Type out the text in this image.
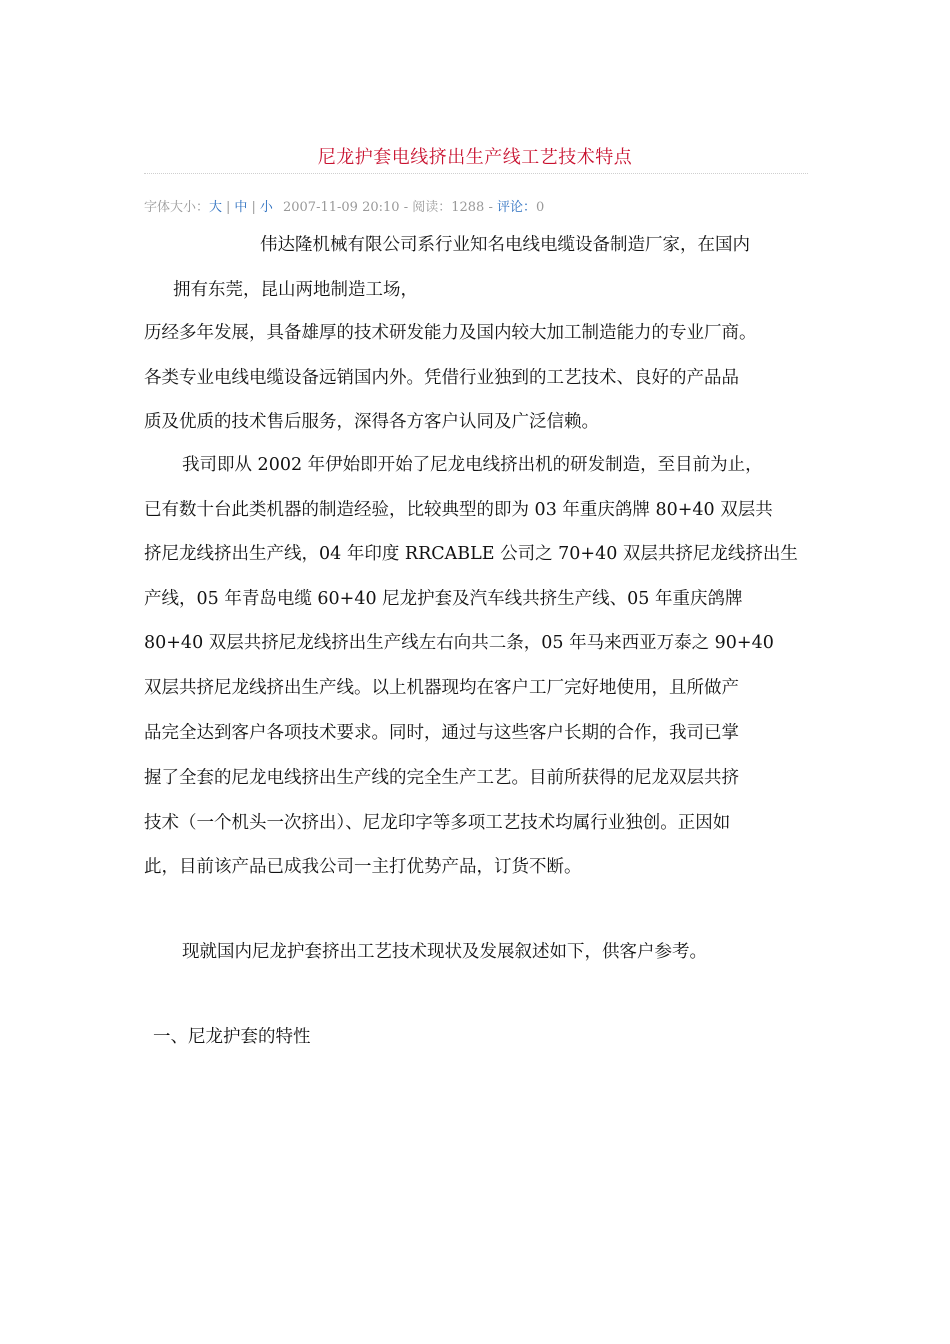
尼龙护套电线挤出生产线工艺技术特点
字体大小：大 | 中 | 小 2007-11-09 20:10 - 阅读：1288 - 评论：0
伟达隆机械有限公司系行业知名电线电缆设备制造厂家，在国内
拥有东莞，昆山两地制造工场，
历经多年发展，具备雄厚的技术研发能力及国内较大加工制造能力的专业厂商。
各类专业电线电缆设备远销国内外。凭借行业独到的工艺技术、良好的产品品
质及优质的技术售后服务，深得各方客户认同及广泛信赖。
我司即从 2002 年伊始即开始了尼龙电线挤出机的研发制造，至目前为止，
已有数十台此类机器的制造经验，比较典型的即为 03 年重庆鸽牌 80+40 双层共
挤尼龙线挤出生产线，04 年印度 RRCABLE 公司之 70+40 双层共挤尼龙线挤出生
产线，05 年青岛电缆 60+40 尼龙护套及汽车线共挤生产线、05 年重庆鸽牌
80+40 双层共挤尼龙线挤出生产线左右向共二条，05 年马来西亚万泰之 90+40
双层共挤尼龙线挤出生产线。以上机器现均在客户工厂完好地使用，且所做产
品完全达到客户各项技术要求。同时，通过与这些客户长期的合作，我司已掌
握了全套的尼龙电线挤出生产线的完全生产工艺。目前所获得的尼龙双层共挤
技术（一个机头一次挤出）、尼龙印字等多项工艺技术均属行业独创。正因如
此，目前该产品已成我公司一主打优势产品，订货不断。
现就国内尼龙护套挤出工艺技术现状及发展叙述如下，供客户参考。
一、尼龙护套的特性
